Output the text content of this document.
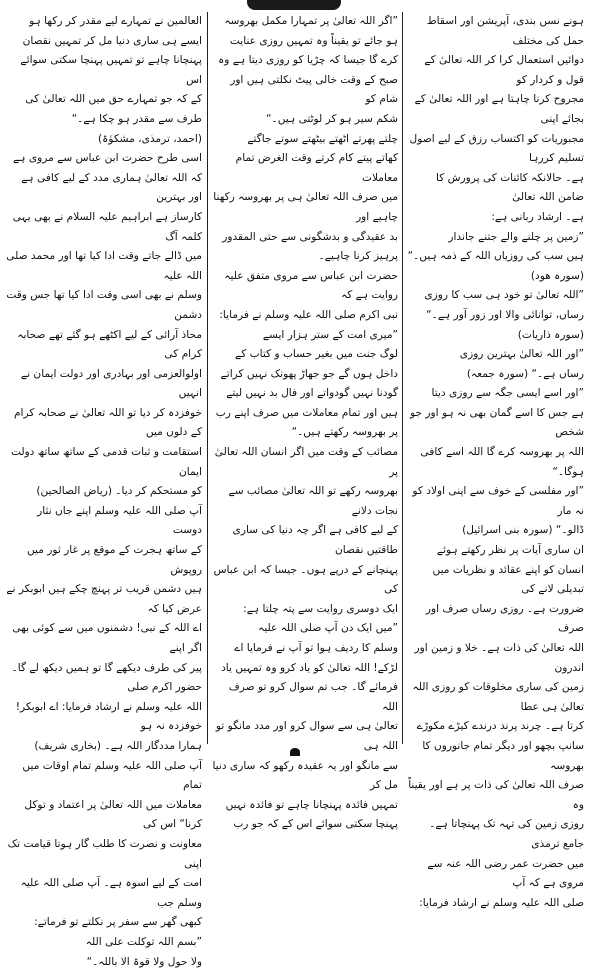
ہونے نسں بندی، آپریشن اور اسقاط حمل کی مختلف

دوائیں استعمال کرا کر اللہ تعالیٰ کے قول و کردار کو

مجروح کرنا چاہتا ہے اور اللہ تعالیٰ کے بجائے اپنی

مجبوریات کو اکتساب رزق کے لیے اصول تسلیم کررہا

ہے۔ حالانکہ کائنات کی پرورش کا ضامن اللہ تعالیٰ

ہے۔ ارشاد ربانی ہے:

”زمین پر چلنے والے جتنے جاندار

ہیں سب کی روزیاں اللہ کے ذمہ ہیں۔“

(سورہ ھود)

”اللہ تعالیٰ تو خود ہی سب کا روزی

رساں، توانائی والا اور زور آور ہے۔“

(سورہ ذاریات)

”اور اللہ تعالیٰ بہترین روزی

رساں ہے۔“ (سورہ جمعہ)

”اور اسے ایسی جگہ سے روزی دیتا

ہے جس کا اسے گمان بھی نہ ہو اور جو شخص

اللہ پر بھروسہ کرے گا اللہ اسے کافی ہوگا۔“

”اور مفلسی کے خوف سے اپنی اولاد کو نہ مار

ڈالو۔“ (سورہ بنی اسرائیل)

ان ساری آیات پر نظر رکھتے ہوئے

انسان کو اپنے عقائد و نظریات میں تبدیلی لانے کی

ضرورت ہے۔ روزی رساں صرف اور صرف

اللہ تعالیٰ کی ذات ہے۔ خلا و زمین اور اندرون

زمین کی ساری مخلوقات کو روزی اللہ تعالیٰ ہی عطا

کرتا ہے۔ چرند پرند درندے کیڑے مکوڑے

سانپ بچھو اور دیگر تمام جانوروں کا بھروسہ

صرف اللہ تعالیٰ کی ذات پر ہے اور یقیناً وہ

روزی زمین کی تہہ تک پہنچاتا ہے۔ جامع ترمذی

میں حضرت عمر رضی اللہ عنہ سے مروی ہے کہ آپ

صلی اللہ علیہ وسلم نے ارشاد فرمایا:

”اگر اللہ تعالیٰ پر تمہارا مکمل بھروسہ

ہو جائے تو یقیناً وہ تمہیں روزی عنایت

کرے گا جیسا کہ چڑیا کو روزی دیتا ہے وہ

صبح کے وقت خالی پیٹ نکلتی ہیں اور شام کو

شکم سیر ہو کر لوٹتی ہیں۔“

چلتے پھرتے اٹھتے بیٹھتے سوتے جاگتے

کھاتے پیتے کام کرتے وقت الغرض تمام معاملات

میں صرف اللہ تعالیٰ ہی پر بھروسہ رکھنا چاہیے اور

بد عقیدگی و بدشگونی سے حتی المقدور پرہیز کرنا چاہیے۔

حضرت ابن عباس سے مروی متفق علیہ روایت ہے کہ

نبی اکرم صلی اللہ علیہ وسلم نے فرمایا:

”میری امت کے ستر ہزار ایسے

لوگ جنت میں بغیر حساب و کتاب کے

داخل ہوں گے جو جھاڑ پھونک نہیں کراتے

گودنا نہیں گودواتے اور فال بد نہیں لیتے

ہیں اور تمام معاملات میں صرف اپنے رب

پر بھروسہ رکھتے ہیں۔“

مصائب کے وقت میں اگر انسان اللہ تعالیٰ پر

بھروسہ رکھے تو اللہ تعالیٰ مصائب سے نجات دلانے

کے لیے کافی ہے اگر چہ دنیا کی ساری طاقتیں نقصان

پہنچانے کے درپے ہوں۔ جیسا کہ ابن عباس کی

ایک دوسری روایت سے پتہ چلتا ہے:

”میں ایک دن آپ صلی اللہ علیہ

وسلم کا ردیف ہوا تو آپ نے فرمایا اے

لڑکے! اللہ تعالیٰ کو یاد کرو وہ تمہیں یاد

فرمائے گا۔ جب تم سوال کرو تو صرف اللہ

تعالیٰ ہی سے سوال کرو اور مدد مانگو تو اللہ ہی

سے مانگو اور یہ عقیدہ رکھو کہ ساری دنیا مل کر

تمہیں فائدہ پہنچانا چاہے تو فائدہ نہیں

پہنچا سکتی سوائے اس کے کہ جو رب

العالمین نے تمہارے لیے مقدر کر رکھا ہو

ایسے ہی ساری دنیا مل کر تمہیں نقصان

پہنچانا چاہے تو تمہیں پہنچا سکتی سوائے اس

کے کہ جو تمہارے حق میں اللہ تعالیٰ کی

طرف سے مقدر ہو چکا ہے۔“

(احمد، ترمذی، مشکوٰۃ)

اسی طرح حضرت ابن عباس سے مروی ہے

کہ اللہ تعالیٰ ہماری مدد کے لیے کافی ہے اور بہترین

کارساز ہے ابراہیم علیہ السلام نے بھی یہی کلمہ آگ

میں ڈالے جاتے وقت ادا کیا تھا اور محمد صلی اللہ علیہ

وسلم نے بھی اسی وقت ادا کیا تھا جس وقت دشمن

محاذ آرائی کے لیے اکٹھے ہو گئے تھے صحابہ کرام کی

اولوالعزمی اور بہادری اور دولت ایمان نے انہیں

خوفزدہ کر دیا تو اللہ تعالیٰ نے صحابہ کرام کے دلوں میں

استقامت و ثبات قدمی کے ساتھ ساتھ دولت ایمان

کو مستحکم کر دیا۔ (ریاض الصالحین)

آپ صلی اللہ علیہ وسلم اپنے جاں نثار دوست

کے ساتھ ہجرت کے موقع پر غار ثور میں روپوش

ہیں دشمن قریب تر پہنچ چکے ہیں ابوبکر نے عرض کیا کہ

اے اللہ کے نبی! دشمنوں میں سے کوئی بھی اگر اپنے

پیر کی طرف دیکھے گا تو ہمیں دیکھ لے گا۔ حضور اکرم صلی

اللہ علیہ وسلم نے ارشاد فرمایا: اے ابوبکر! خوفزدہ نہ ہو

ہمارا مددگار اللہ ہے۔ (بخاری شریف)

آپ صلی اللہ علیہ وسلم تمام اوقات میں تمام

معاملات میں اللہ تعالیٰ پر اعتماد و توکل کرنا“ اس کی

معاونت و نصرت کا طلب گار ہوتا قیامت تک اپنی

امت کے لیے اسوہ ہے۔ آپ صلی اللہ علیہ وسلم جب

کبھی گھر سے سفر پر نکلتے تو فرماتے:

”بسم اللہ توکلت علی اللہ

ولا حول ولا قوۃ الا باللہ۔“
